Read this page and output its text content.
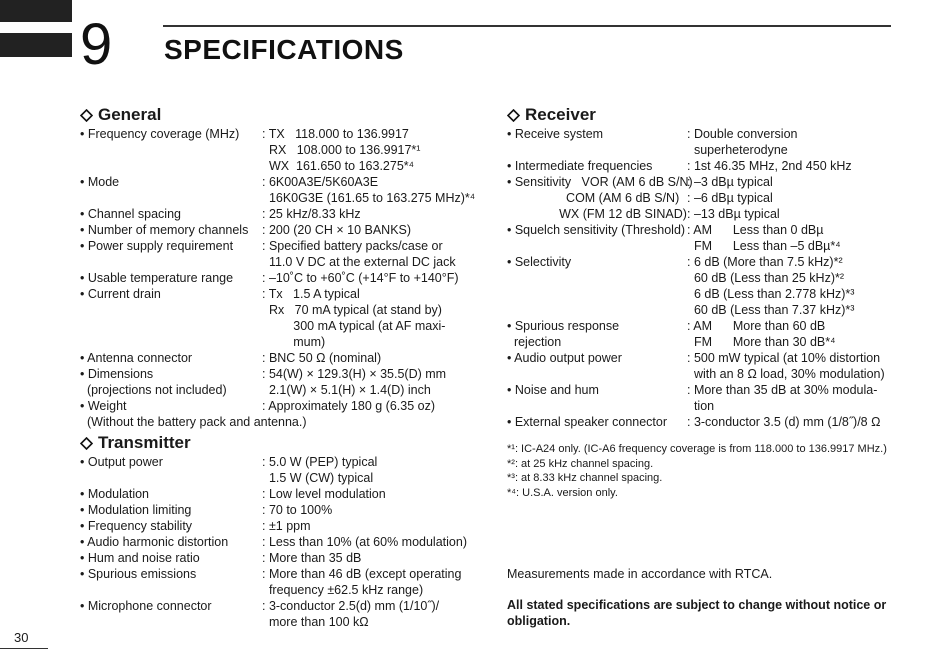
9 SPECIFICATIONS
General
• Frequency coverage (MHz)	: TX   118.000 to 136.9917
RX   108.000 to 136.9917*¹
WX  161.650 to 163.275*⁴
• Mode	: 6K00A3E/5K60A3E
16K0G3E (161.65 to 163.275 MHz)*⁴
• Channel spacing	: 25 kHz/8.33 kHz
• Number of memory channels	: 200 (20 CH × 10 BANKS)
• Power supply requirement	: Specified battery packs/case or
11.0 V DC at the external DC jack
• Usable temperature range	: –10˚C to +60˚C (+14°F to +140°F)
• Current drain	: Tx   1.5 A typical
Rx   70 mA typical (at stand by)
300 mA typical (at AF maxi-
mum)
• Antenna connector	: BNC 50 Ω (nominal)
• Dimensions	: 54(W) × 129.3(H) × 35.5(D) mm
(projections not included)	2.1(W) × 5.1(H) × 1.4(D) inch
• Weight	: Approximately 180 g (6.35 oz)
(Without the battery pack and antenna.)
Transmitter
• Output power	: 5.0 W (PEP) typical
1.5 W (CW) typical
• Modulation	: Low level modulation
• Modulation limiting	: 70 to 100%
• Frequency stability	: ±1 ppm
• Audio harmonic distortion	: Less than 10% (at 60% modulation)
• Hum and noise ratio	: More than 35 dB
• Spurious emissions	: More than 46 dB (except operating
frequency ±62.5 kHz range)
• Microphone connector	: 3-conductor 2.5(d) mm (1/10˝)/
more than 100 kΩ
Receiver
• Receive system	: Double conversion
superheterodyne
• Intermediate frequencies	: 1st 46.35 MHz, 2nd 450 kHz
• Sensitivity   VOR (AM 6 dB S/N)
: –3 dBµ typical
COM (AM 6 dB S/N) : –6 dBµ typical
WX (FM 12 dB SINAD) : –13 dBµ typical
• Squelch sensitivity (Threshold) : AM      Less than 0 dBµ
FM      Less than –5 dBµ*⁴
• Selectivity	: 6 dB (More than 7.5 kHz)*²
60 dB (Less than 25 kHz)*²
6 dB (Less than 2.778 kHz)*³
60 dB (Less than 7.37 kHz)*³
• Spurious response	: AM      More than 60 dB
rejection	FM      More than 30 dB*⁴
• Audio output power	: 500 mW typical (at 10% distortion
with an 8 Ω load, 30% modulation)
• Noise and hum	: More than 35 dB at 30% modula-
tion
• External speaker connector	: 3-conductor 3.5 (d) mm (1/8˝)/8 Ω
*¹: IC-A24 only. (IC-A6 frequency coverage is from 118.000 to 136.9917 MHz.)
*²: at 25 kHz channel spacing.
*³: at 8.33 kHz channel spacing.
*⁴: U.S.A. version only.
Measurements made in accordance with RTCA.
All stated specifications are subject to change without notice or obligation.
30
